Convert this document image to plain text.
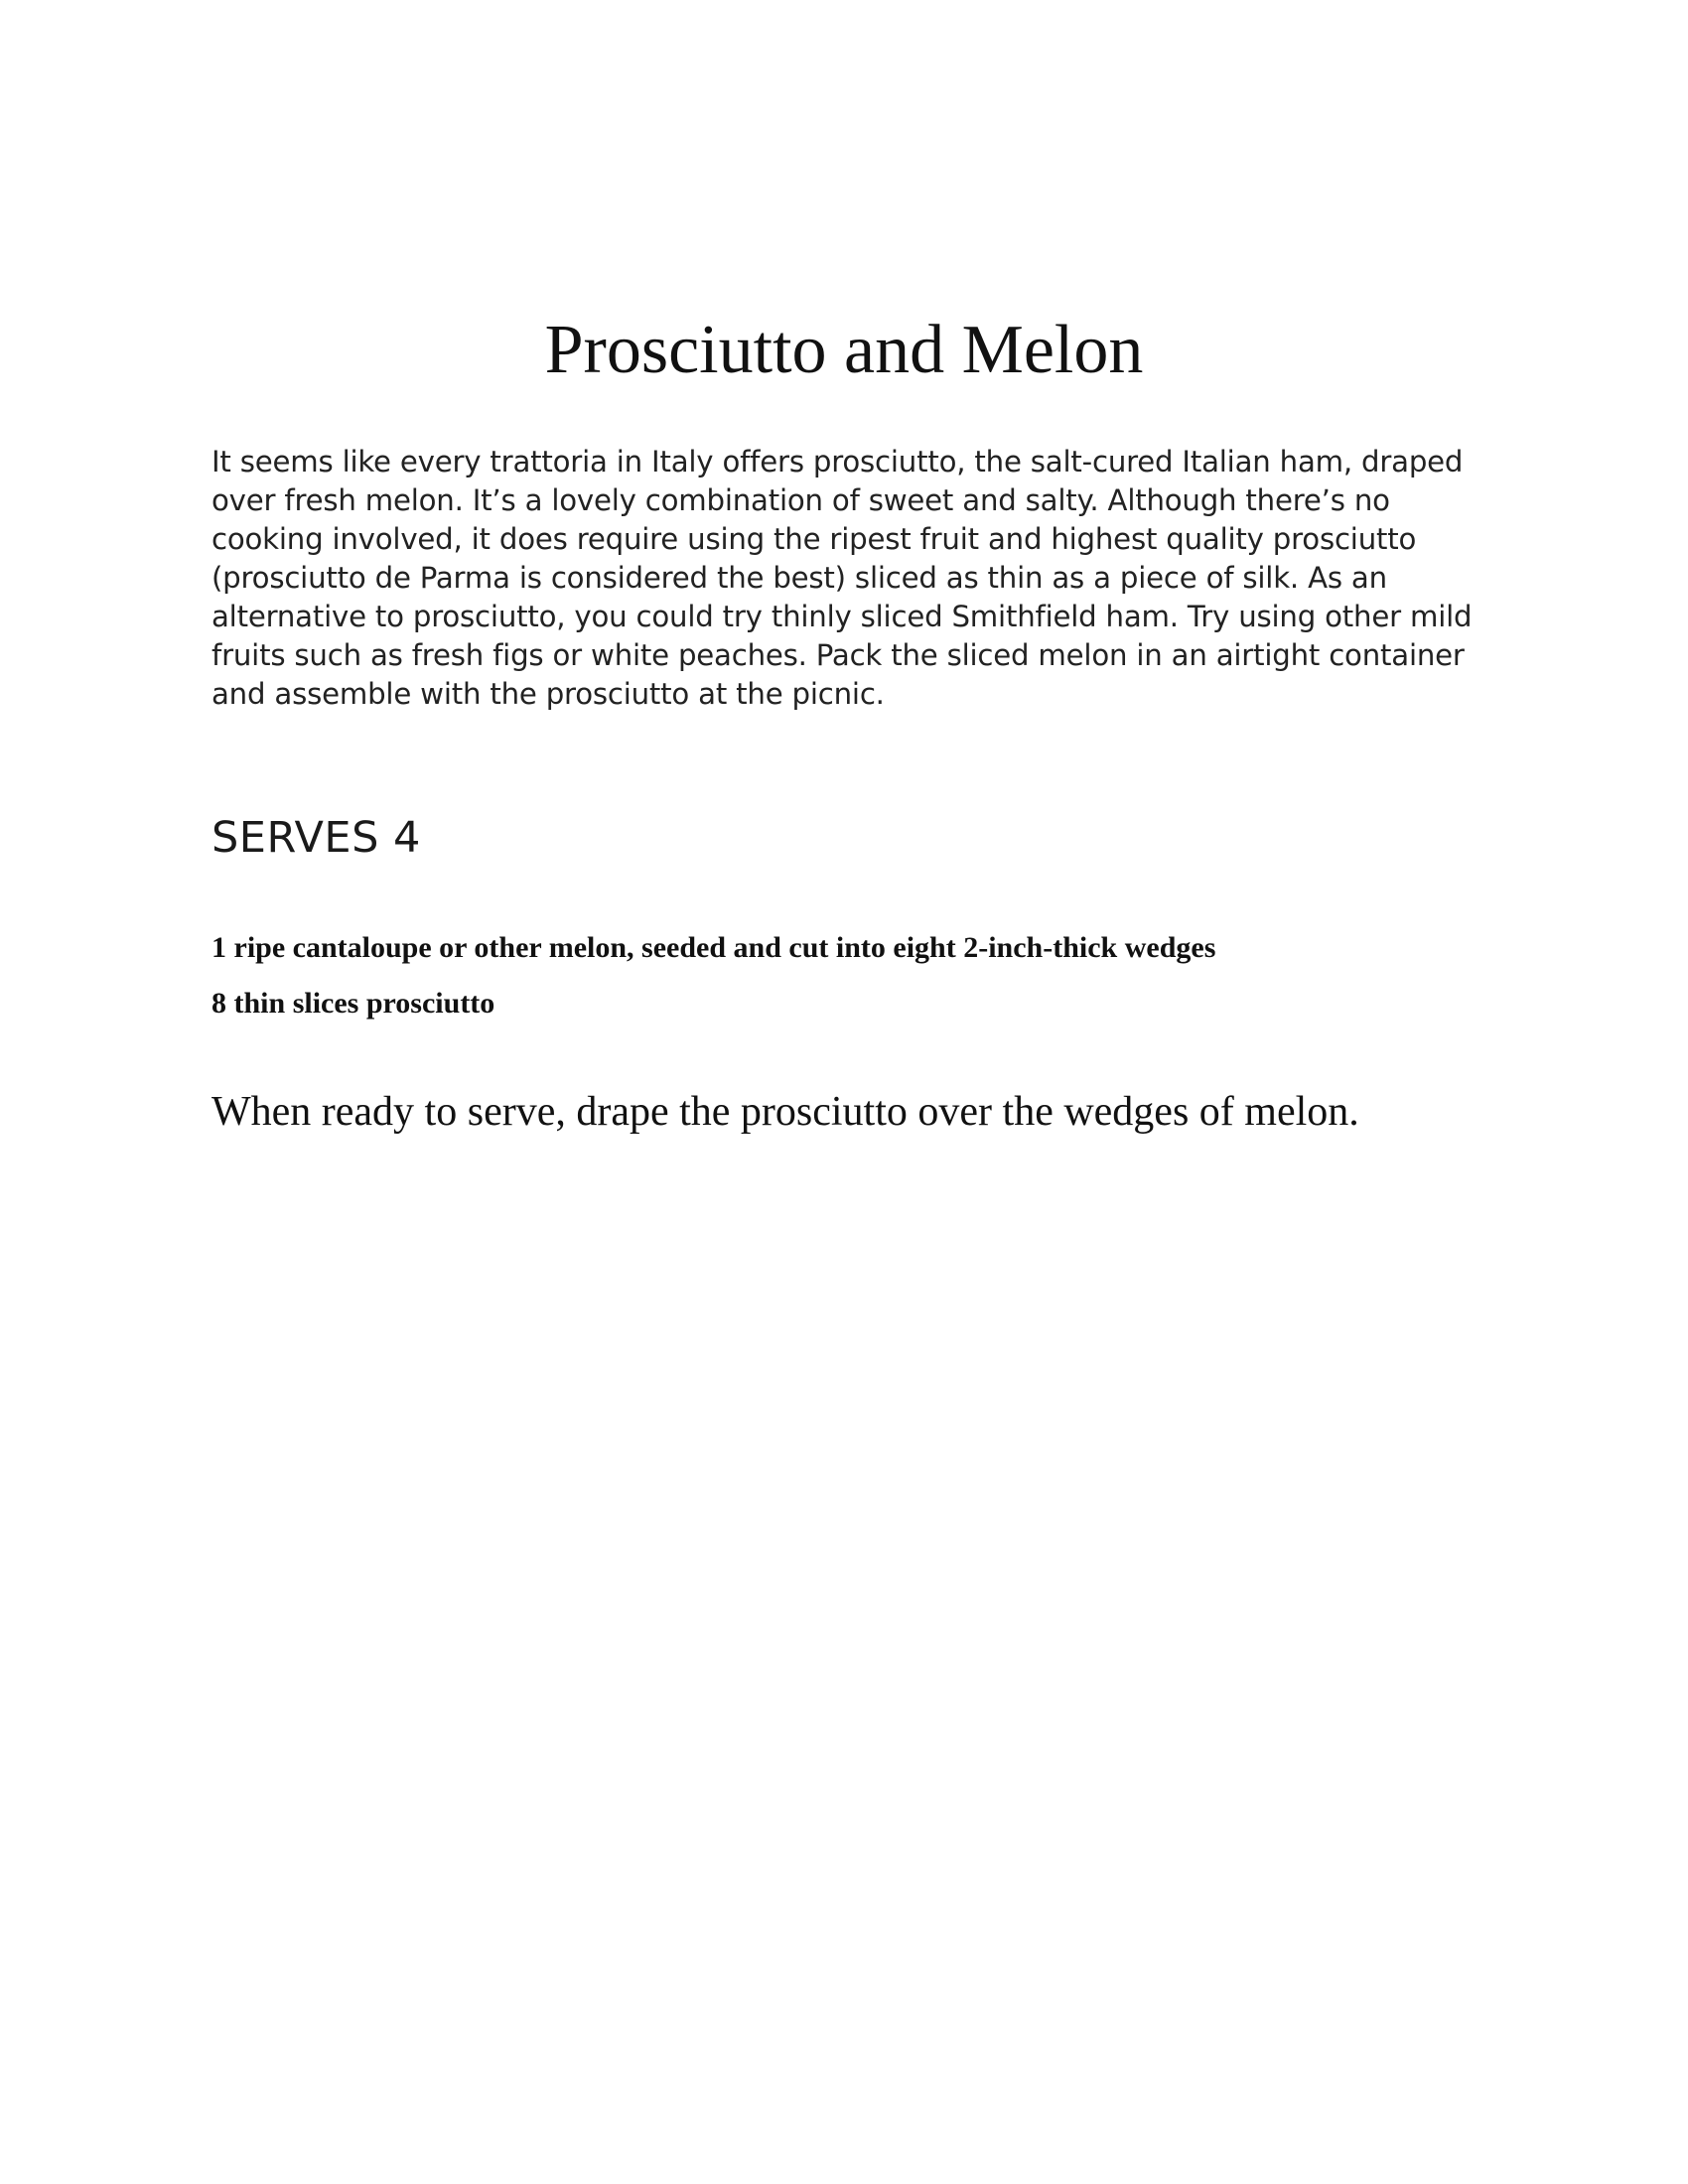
Prosciutto and Melon

It seems like every trattoria in Italy offers prosciutto, the salt-cured Italian ham, draped over fresh melon. It’s a lovely combination of sweet and salty. Although there’s no cooking involved, it does require using the ripest fruit and highest quality prosciutto (prosciutto de Parma is considered the best) sliced as thin as a piece of silk. As an alternative to prosciutto, you could try thinly sliced Smithfield ham. Try using other mild fruits such as fresh figs or white peaches. Pack the sliced melon in an airtight container and assemble with the prosciutto at the picnic.

SERVES 4
1 ripe cantaloupe or other melon, seeded and cut into eight 2-inch-thick wedges
8 thin slices prosciutto

When ready to serve, drape the prosciutto over the wedges of melon.
